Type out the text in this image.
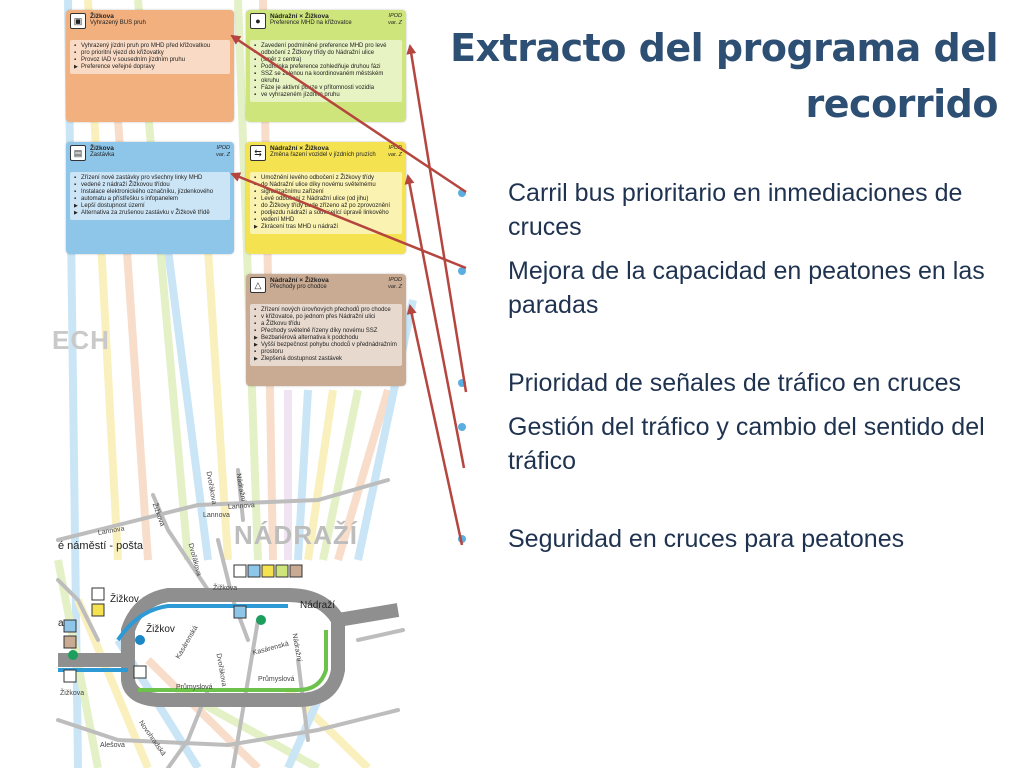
▣	Žižkova
Vyhrazený BUS pruh
▪ Vyhrazený jízdní pruh pro MHD před křižovatkou
▪ pro prioritní vjezd do křižovatky
▪ Provoz IAD v sousedním jízdním pruhu
▶ Preference veřejné dopravy
●	Nádražní × Žižkova
Preference MHD na křižovatce
IPOD
var. Z
▪ Zavedení podmíněné preference MHD pro levé
▪ odbočení z Žižkovy třídy do Nádražní ulice
▪ (směr z centra)
▪ Podmínka preference zohledňuje druhou fázi
▪ SSZ se zelenou na koordinovaném městském
▪ okruhu
▪ Fáze je aktivní pouze v přítomnosti vozidla
▪ ve vyhrazeném jízdním pruhu
▤	Žižkova
Zastávka
IPOD
var. Z
▪ Zřízení nové zastávky pro všechny linky MHD
▪ vedené z nádraží Žižkovou třídou
▪ Instalace elektronického označníku, jízdenkového
▪ automatu a přístřešku s infopanelem
▶ Lepší dostupnost území
▶ Alternativa za zrušenou zastávku v Žižkově třídě
⇆	Nádražní × Žižkova
Změna řazení vozidel v jízdních pruzích
IPOD
var. Z
▪ Umožnění levého odbočení z Žižkovy třídy
▪ do Nádražní ulice díky novému světelnému
▪ signalizačnímu zařízení
▪ Levé odbočení z Nádražní ulice (od jihu)
▪ do Žižkovy třídy bude zřízeno až po zprovoznění
▪ podjezdu nádraží a související úpravě linkového
▪ vedení MHD
▶ Zkrácení tras MHD u nádraží
△	Nádražní × Žižkova
Přechody pro chodce
IPOD
var. Z
▪ Zřízení nových úrovňových přechodů pro chodce
▪ v křižovatce, po jednom přes Nádražní ulici
▪ a Žižkovu třídu
▪ Přechody světelně řízeny díky novému SSZ
▶ Bezbariérová alternativa k podchodu
▶ Vyšší bezpečnost pohybu chodců v přednádražním
▪ prostoru
▶ Zlepšená dostupnost zastávek
ECH
NÁDRAŽÍ
é náměstí - pošta
Žižkov
Žižkov
Nádraží
a
Lannova
Lannova
Lannova
Žižkova
Žižkova
Dvořákova
Dvořákova
Dvořákova
Nádražní
Nádražní
Kasárenská	Kasárenská
Průmyslová
Průmyslová
Novohradská
Alešova
Žižkova
Extracto del programa del recorrido
Carril bus prioritario en inmediaciones de cruces
Mejora de la capacidad en peatones en las paradas
Prioridad de señales de tráfico en cruces
Gestión del tráfico y cambio del sentido del tráfico
Seguridad en cruces para peatones
